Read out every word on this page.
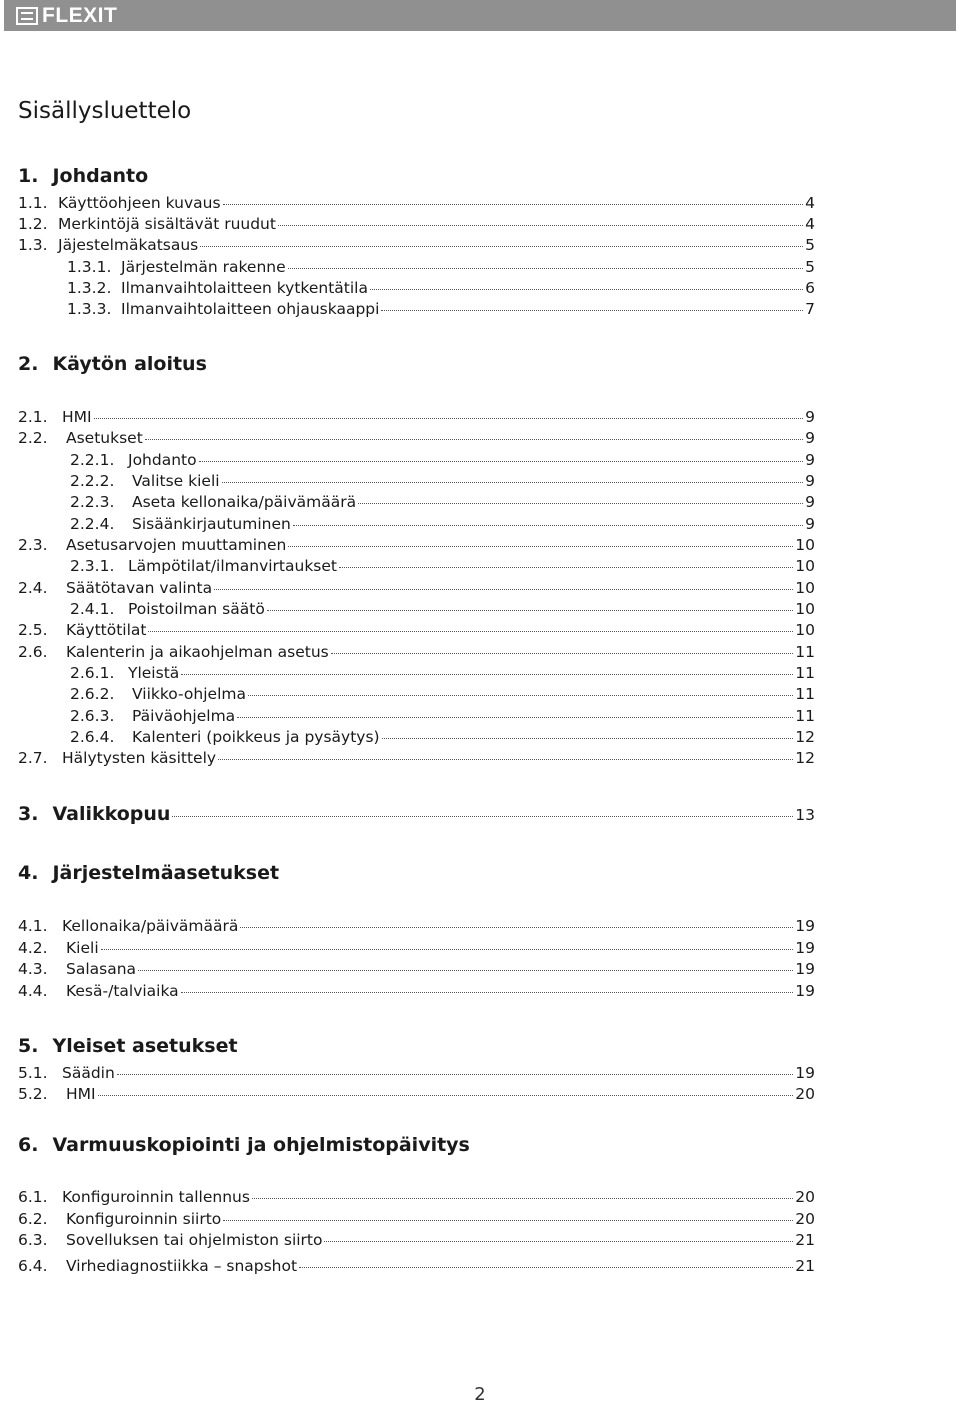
FLEXIT
Sisällysluettelo
1. Johdanto
2. Käytön aloitus
3. Valikkopuu	13
4. Järjestelmäasetukset
5. Yleiset asetukset
6. Varmuuskopiointi ja ohjelmistopäivitys
1.1. Käyttöohjeen kuvaus	4
1.2. Merkintöjä sisältävät ruudut	4
1.3. Jäjestelmäkatsaus	5
1.3.1. Järjestelmän rakenne	5
1.3.2. Ilmanvaihtolaitteen kytkentätila	6
1.3.3. Ilmanvaihtolaitteen ohjauskaappi	7
2.1. HMI	9
2.2.	Asetukset	9
2.2.1. Johdanto	9
2.2.2.	Valitse kieli	9
2.2.3.	Aseta kellonaika/päivämäärä	9
2.2.4.	Sisäänkirjautuminen	9
2.3.	Asetusarvojen muuttaminen	10
2.3.1. Lämpötilat/ilmanvirtaukset	10
2.4.	Säätötavan valinta	10
2.4.1. Poistoilman säätö	10
2.5.	Käyttötilat	10
2.6.	Kalenterin ja aikaohjelman asetus	11
2.6.1. Yleistä	11
2.6.2.	Viikko-ohjelma	11
2.6.3.	Päiväohjelma	11
2.6.4.	Kalenteri (poikkeus ja pysäytys)	12
2.7. Hälytysten käsittely	12
4.1. Kellonaika/päivämäärä	19
4.2.	Kieli	19
4.3.	Salasana	19
4.4.	Kesä-/talviaika	19
5.1. Säädin	19
5.2.	HMI	20
6.1. Konfiguroinnin tallennus	20
6.2.	Konfiguroinnin siirto	20
6.3.	Sovelluksen tai ohjelmiston siirto	21
6.4.	Virhediagnostiikka – snapshot	21
2
